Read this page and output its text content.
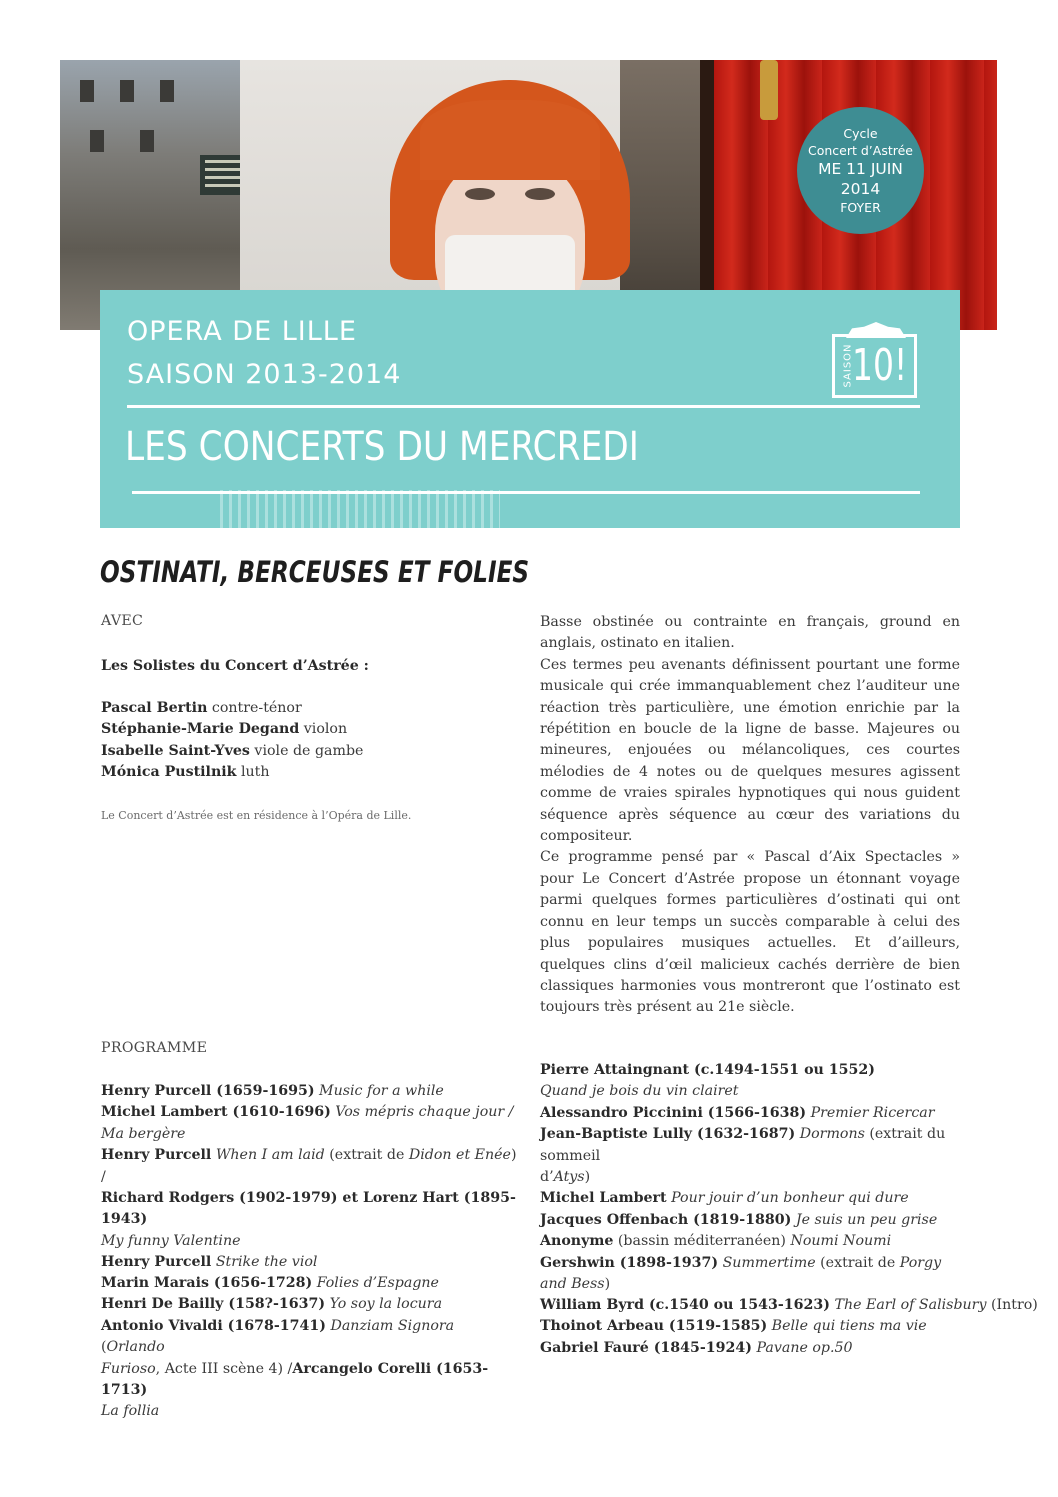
Cycle
Concert d’Astrée
ME 11 JUIN 2014
FOYER
OPERA DE LILLE
SAISON 2013-2014
LES CONCERTS DU MERCREDI
SAISON
10!
OSTINATI, BERCEUSES ET FOLIES
AVEC
Les Solistes du Concert d’Astrée :
Pascal Bertin contre-ténor
Stéphanie-Marie Degand violon
Isabelle Saint-Yves viole de gambe
Mónica Pustilnik luth
Le Concert d’Astrée est en résidence à l’Opéra de Lille.
Basse obstinée ou contrainte en français, ground en anglais, ostinato en italien.
Ces termes peu avenants définissent pourtant une forme musicale qui crée immanquablement chez l’auditeur une réaction très particulière, une émotion enrichie par la répétition en boucle de la ligne de basse. Majeures ou mineures, enjouées ou mélancoliques, ces courtes mélodies de 4 notes ou de quelques mesures agissent comme de vraies spirales hypnotiques qui nous guident séquence après séquence au cœur des variations du compositeur.
Ce programme pensé par « Pascal d’Aix Spectacles » pour Le Concert d’Astrée propose un étonnant voyage parmi quelques formes particulières d’ostinati qui ont connu en leur temps un succès comparable à celui des plus populaires musiques actuelles. Et d’ailleurs, quelques clins d’œil malicieux cachés derrière de bien classiques harmonies vous montreront que l’ostinato est toujours très présent au 21e siècle.
PROGRAMME
Henry Purcell (1659-1695) Music for a while
Michel Lambert (1610-1696) Vos mépris chaque jour /
Ma bergère
Henry Purcell When I am laid (extrait de Didon et Enée) /
Richard Rodgers (1902-1979) et Lorenz Hart (1895-1943)
My funny Valentine
Henry Purcell Strike the viol
Marin Marais (1656-1728) Folies d’Espagne
Henri De Bailly (158?-1637) Yo soy la locura
Antonio Vivaldi (1678-1741) Danziam Signora (Orlando
Furioso, Acte III scène 4) /Arcangelo Corelli (1653-1713)
La follia
Pierre Attaingnant (c.1494-1551 ou 1552)
Quand je bois du vin clairet
Alessandro Piccinini (1566-1638) Premier Ricercar
Jean-Baptiste Lully (1632-1687) Dormons (extrait du sommeil
d’Atys)
Michel Lambert Pour jouir d’un bonheur qui dure
Jacques Offenbach (1819-1880) Je suis un peu grise
Anonyme (bassin méditerranéen) Noumi Noumi
Gershwin (1898-1937) Summertime (extrait de Porgy and Bess)
William Byrd (c.1540 ou 1543-1623) The Earl of Salisbury (Intro)
Thoinot Arbeau (1519-1585) Belle qui tiens ma vie
Gabriel Fauré (1845-1924) Pavane op.50
